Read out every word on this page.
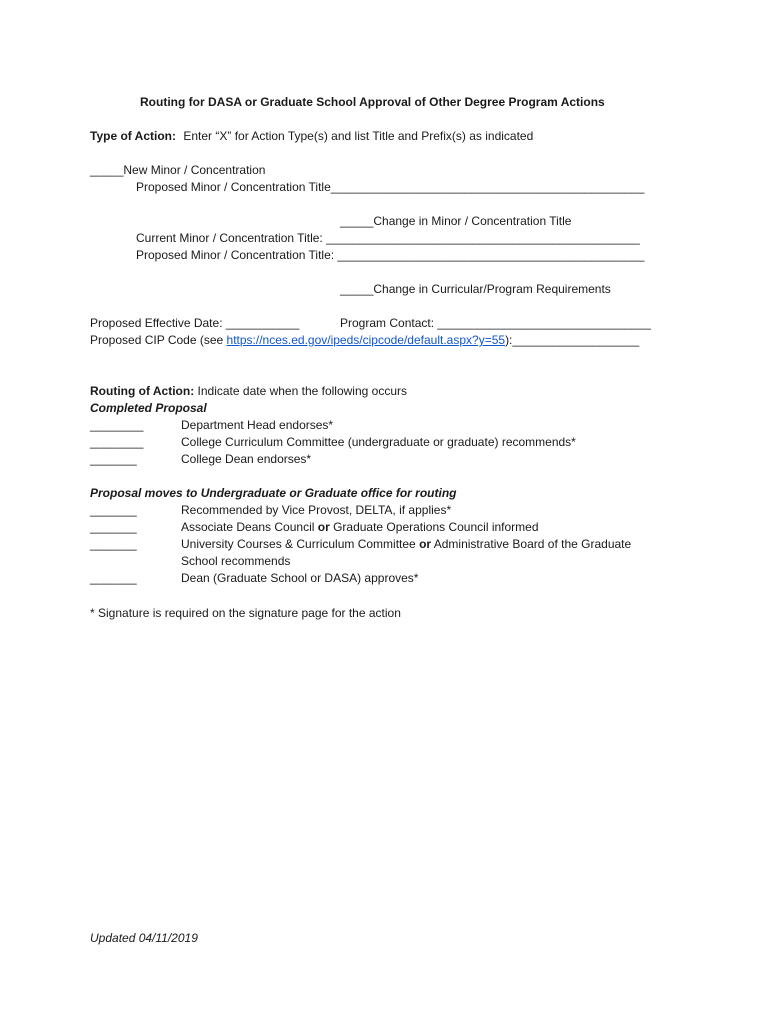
Routing for DASA or Graduate School Approval of Other Degree Program Actions
Type of Action: Enter “X” for Action Type(s) and list Title and Prefix(s) as indicated
_____New Minor / Concentration
Proposed Minor / Concentration Title_______________________________________________
_____Change in Minor / Concentration Title
Current Minor / Concentration Title: _______________________________________________
Proposed Minor / Concentration Title: ______________________________________________
_____Change in Curricular/Program Requirements
Proposed Effective Date: ___________	Program Contact: ________________________________
Proposed CIP Code (see https://nces.ed.gov/ipeds/cipcode/default.aspx?y=55):___________________
Routing of Action: Indicate date when the following occurs
Completed Proposal
________	Department Head endorses*
________	College Curriculum Committee (undergraduate or graduate) recommends*
_______	College Dean endorses*
Proposal moves to Undergraduate or Graduate office for routing
_______	Recommended by Vice Provost, DELTA, if applies*
_______	Associate Deans Council or Graduate Operations Council informed
_______	University Courses & Curriculum Committee or Administrative Board of the Graduate
School recommends
_______	Dean (Graduate School or DASA) approves*
* Signature is required on the signature page for the action
Updated 04/11/2019
